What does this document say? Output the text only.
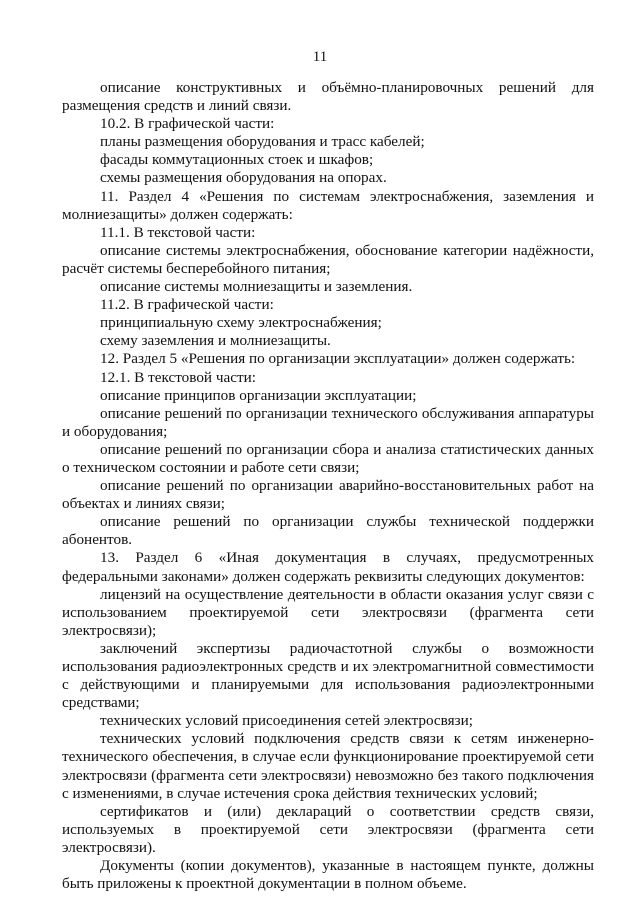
11

описание конструктивных и объёмно-планировочных решений для размещения средств и линий связи.

10.2. В графической части:

планы размещения оборудования и трасс кабелей;

фасады коммутационных стоек и шкафов;

схемы размещения оборудования на опорах.

11. Раздел 4 «Решения по системам электроснабжения, заземления и молниезащиты» должен содержать:

11.1. В текстовой части:

описание системы электроснабжения, обоснование категории надёжности, расчёт системы бесперебойного питания;

описание системы молниезащиты и заземления.

11.2. В графической части:

принципиальную схему электроснабжения;

схему заземления и молниезащиты.

12. Раздел 5 «Решения по организации эксплуатации» должен содержать:

12.1. В текстовой части:

описание принципов организации эксплуатации;

описание решений по организации технического обслуживания аппаратуры и оборудования;

описание решений по организации сбора и анализа статистических данных о техническом состоянии и работе сети связи;

описание решений по организации аварийно-восстановительных работ на объектах и линиях связи;

описание решений по организации службы технической поддержки абонентов.

13. Раздел 6 «Иная документация в случаях, предусмотренных федеральными законами» должен содержать реквизиты следующих документов:

лицензий на осуществление деятельности в области оказания услуг связи с использованием проектируемой сети электросвязи (фрагмента сети электросвязи);

заключений экспертизы радиочастотной службы о возможности использования радиоэлектронных средств и их электромагнитной совместимости с действующими и планируемыми для использования радиоэлектронными средствами;

технических условий присоединения сетей электросвязи;

технических условий подключения средств связи к сетям инженерно-технического обеспечения, в случае если функционирование проектируемой сети электросвязи (фрагмента сети электросвязи) невозможно без такого подключения с изменениями, в случае истечения срока действия технических условий;

сертификатов и (или) деклараций о соответствии средств связи, используемых в проектируемой сети электросвязи (фрагмента сети электросвязи).

Документы (копии документов), указанные в настоящем пункте, должны быть приложены к проектной документации в полном объеме.
